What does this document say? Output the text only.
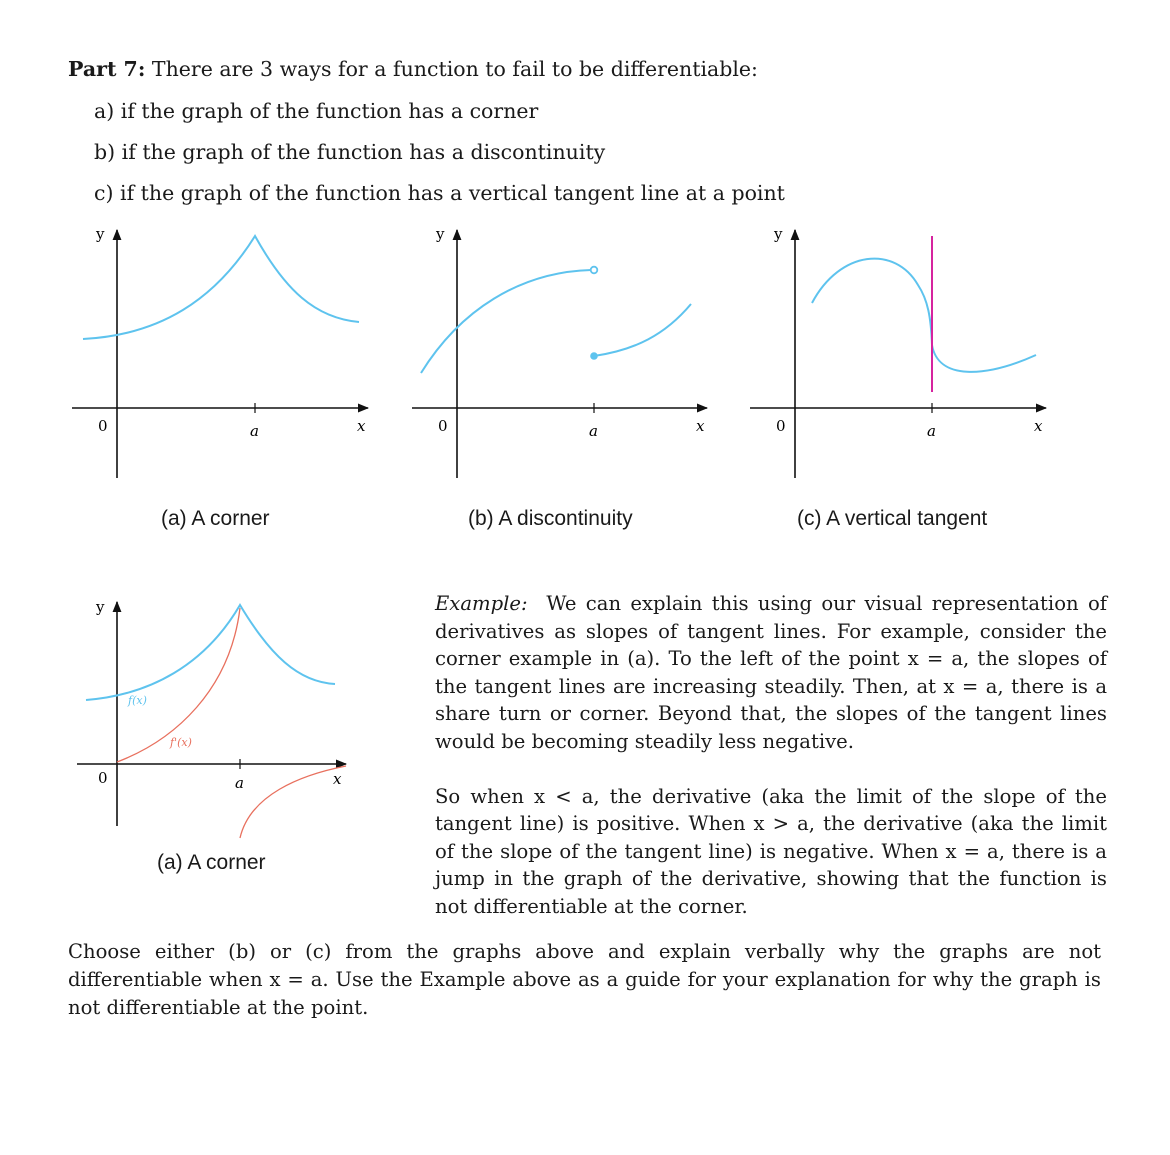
Part 7: There are 3 ways for a function to fail to be differentiable:
a) if the graph of the function has a corner
b) if the graph of the function has a discontinuity
c) if the graph of the function has a vertical tangent line at a point
y
0	a	x
y
0	a	x
y
0	a	x
(a) A corner	(b) A discontinuity	(c) A vertical tangent
f(x)
f'(x)
y
0	a	x
(a) A corner

Example: We can explain this using our visual representation of derivatives as slopes of tangent lines. For example, consider the corner example in (a). To the left of the point x = a, the slopes of the tangent lines are increasing steadily. Then, at x = a, there is a share turn or corner. Beyond that, the slopes of the tangent lines would be becoming steadily less negative.

So when x < a, the derivative (aka the limit of the slope of the tangent line) is positive. When x > a, the derivative (aka the limit of the slope of the tangent line) is negative. When x = a, there is a jump in the graph of the derivative, showing that the function is not differentiable at the corner.

Choose either (b) or (c) from the graphs above and explain verbally why the graphs are not differentiable when x = a. Use the Example above as a guide for your explanation for why the graph is not differentiable at the point.
